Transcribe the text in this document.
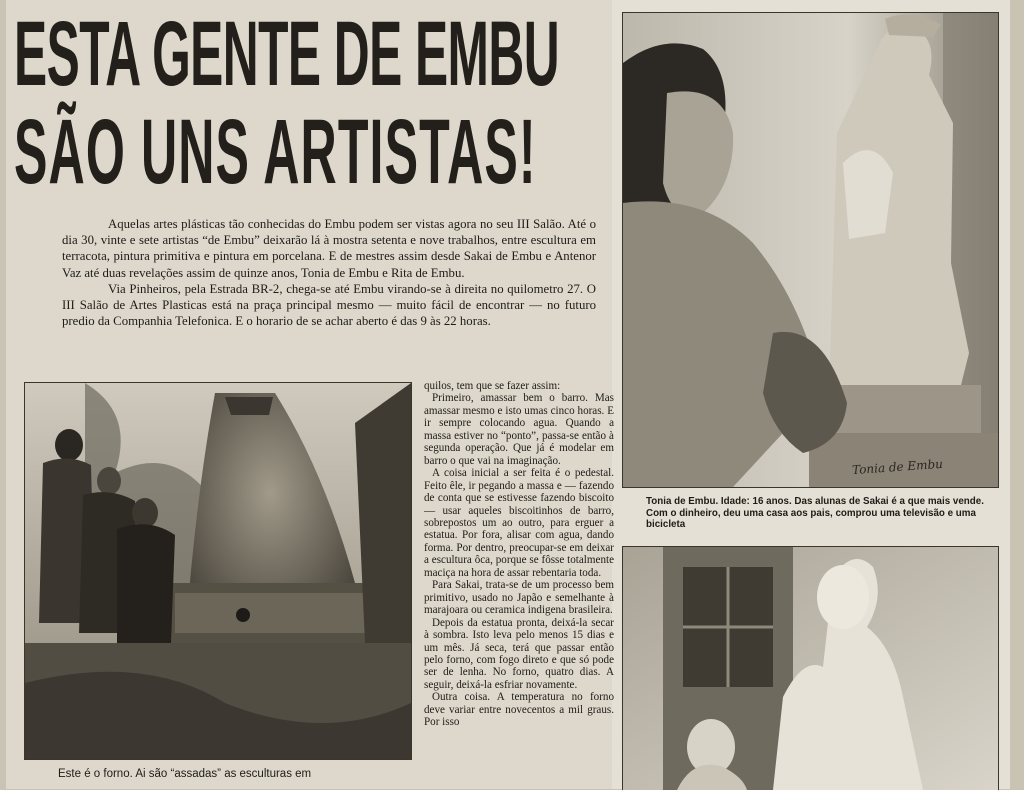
ESTA GENTE DE EMBU
SÃO UNS ARTISTAS!

Aquelas artes plásticas tão conhecidas do Embu podem ser vistas agora no seu III Salão. Até o dia 30, vinte e sete artistas “de Embu” deixarão lá à mostra setenta e nove trabalhos, entre escultura em terracota, pintura primitiva e pintura em porcelana. E de mestres assim desde Sakai de Embu e Antenor Vaz até duas revelações assim de quinze anos, Tonia de Embu e Rita de Embu.

Via Pinheiros, pela Estrada BR-2, chega-se até Embu virando-se à direita no quilometro 27. O III Salão de Artes Plasticas está na praça principal mesmo — muito fácil de encontrar — no futuro predio da Companhia Telefonica. E o horario de se achar aberto é das 9 às 22 horas.

quilos, tem que se fazer assim:

Primeiro, amassar bem o barro. Mas amassar mesmo e isto umas cinco horas. E ir sempre colocando agua. Quando a massa estiver no “ponto”, passa-se então à segunda operação. Que já é modelar em barro o que vai na imaginação.

A coisa inicial a ser feita é o pedestal. Feito êle, ir pegando a massa e — fazendo de conta que se estivesse fazendo biscoito — usar aqueles biscoitinhos de barro, sobrepostos um ao outro, para erguer a estatua. Por fora, alisar com agua, dando forma. Por dentro, preocupar-se em deixar a escultura ôca, porque se fôsse totalmente maciça na hora de assar rebentaria toda.

Para Sakai, trata-se de um processo bem primitivo, usado no Japão e semelhante à marajoara ou ceramica indigena brasileira.

Depois da estatua pronta, deixá-la secar à sombra. Isto leva pelo menos 15 dias e um mês. Já seca, terá que passar então pelo forno, com fogo direto e que só pode ser de lenha. No forno, quatro dias. A seguir, deixá-la esfriar novamente.

Outra coisa. A temperatura no forno deve variar entre novecentos a mil graus. Por isso

Este é o forno. Ai são “assadas” as esculturas em
Tonia de Embu
Tonia de Embu. Idade: 16 anos. Das alunas de Sakai é a que mais vende. Com o dinheiro, deu uma casa aos pais, comprou uma televisão e uma bicicleta
